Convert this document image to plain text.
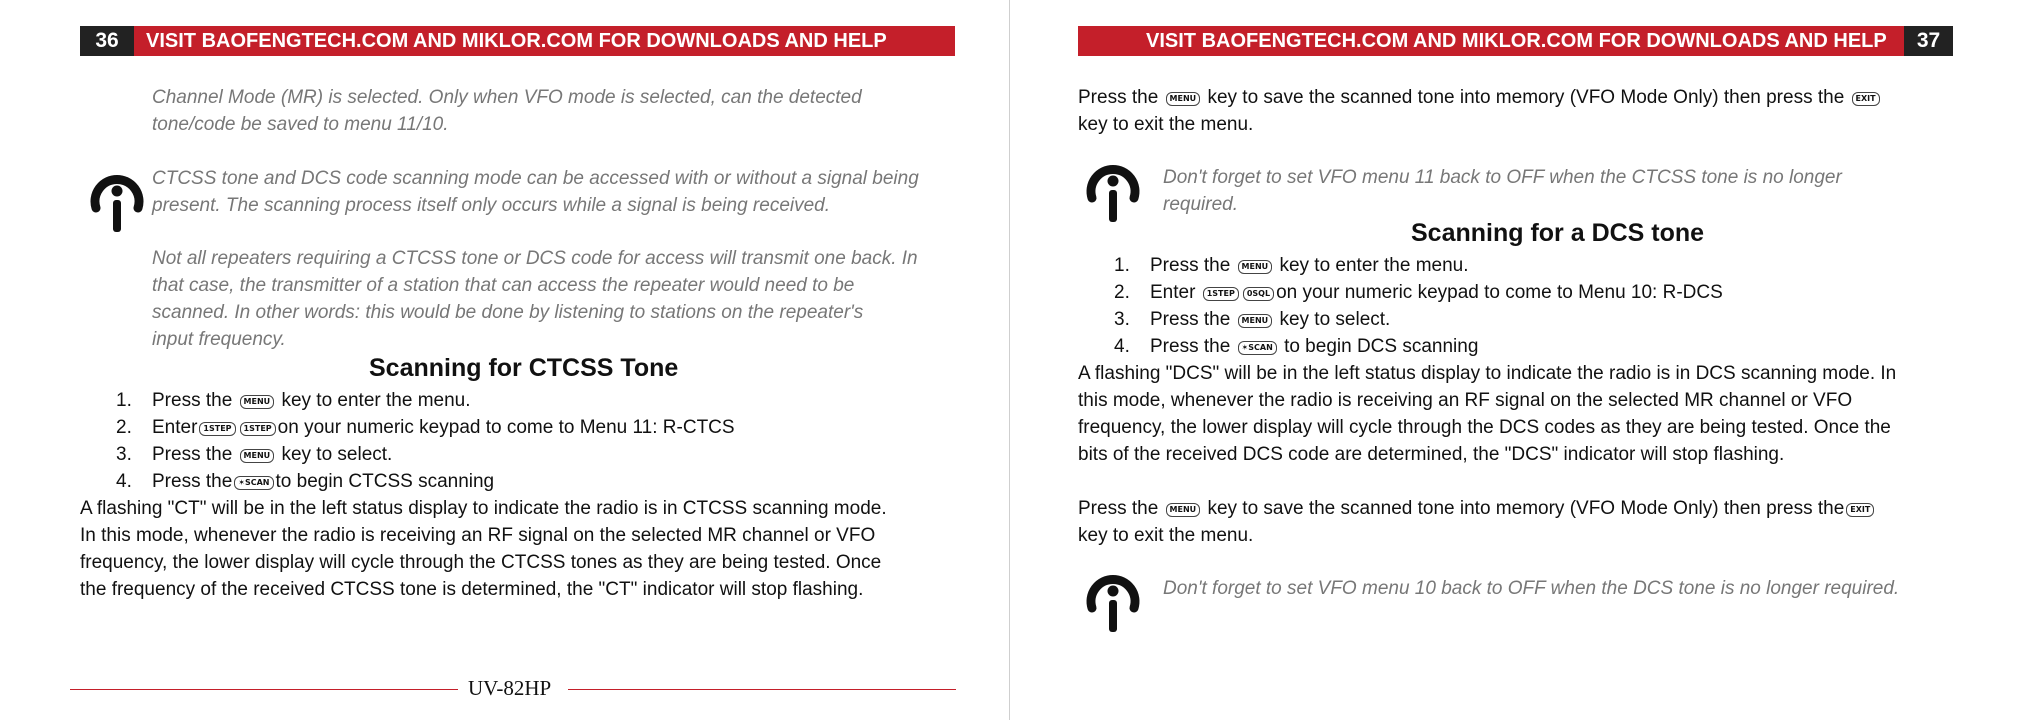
36	VISIT BAOFENGTECH.COM AND MIKLOR.COM FOR DOWNLOADS AND HELP
Channel Mode (MR) is selected. Only when VFO mode is selected, can the detected
tone/code be saved to menu 11/10.
CTCSS tone and DCS code scanning mode can be accessed with or without a signal being
present. The scanning process itself only occurs while a signal is being received.
Not all repeaters requiring a CTCSS tone or DCS code for access will transmit one back. In
that case, the transmitter of a station that can access the repeater would need to be
scanned. In other words: this would be done by listening to stations on the repeater's
input frequency.
Scanning for CTCSS Tone
1. Press the MENU key to enter the menu.
2. Enter 1STEP 1STEP on your numeric keypad to come to Menu 11: R-CTCS
3. Press the MENU key to select.
4. Press the ✶SCAN to begin CTCSS scanning
A flashing "CT" will be in the left status display to indicate the radio is in CTCSS scanning mode.
In this mode, whenever the radio is receiving an RF signal on the selected MR channel or VFO
frequency, the lower display will cycle through the CTCSS tones as they are being tested. Once
the frequency of the received CTCSS tone is determined, the "CT" indicator will stop flashing.
UV-82HP
VISIT BAOFENGTECH.COM AND MIKLOR.COM FOR DOWNLOADS AND HELP	37
Press the MENU key to save the scanned tone into memory (VFO Mode Only) then press the EXIT
key to exit the menu.
Don't forget to set VFO menu 11 back to OFF when the CTCSS tone is no longer
required.
Scanning for a DCS tone
1. Press the MENU key to enter the menu.
2. Enter 1STEP 0SQL on your numeric keypad to come to Menu 10: R-DCS
3. Press the MENU key to select.
4. Press the ✶SCAN to begin DCS scanning
A flashing "DCS" will be in the left status display to indicate the radio is in DCS scanning mode. In
this mode, whenever the radio is receiving an RF signal on the selected MR channel or VFO
frequency, the lower display will cycle through the DCS codes as they are being tested. Once the
bits of the received DCS code are determined, the "DCS" indicator will stop flashing.
Press the MENU key to save the scanned tone into memory (VFO Mode Only) then press the EXIT
key to exit the menu.
Don't forget to set VFO menu 10 back to OFF when the DCS tone is no longer required.
